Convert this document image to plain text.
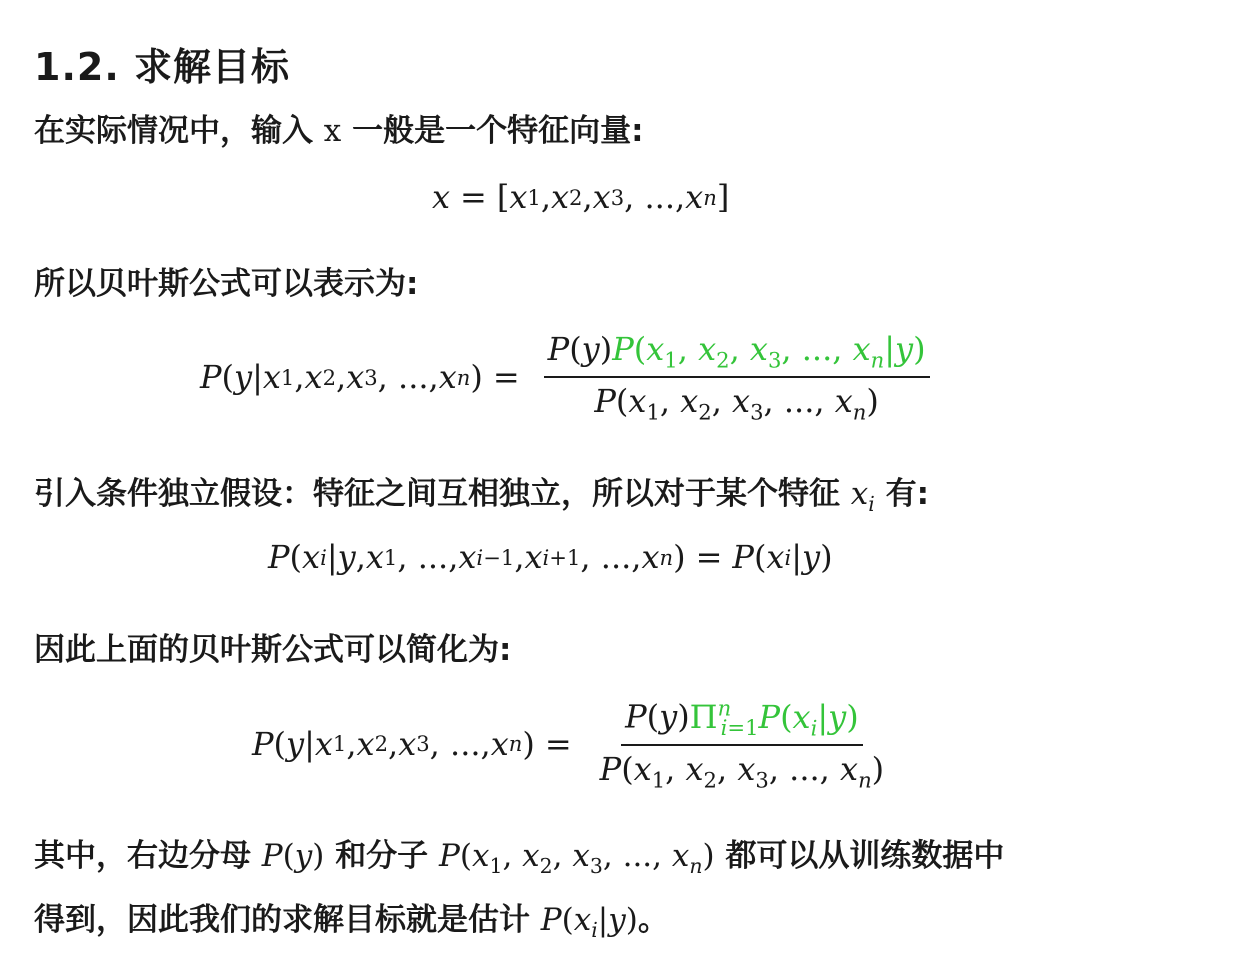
1.2. 求解目标
在实际情况中，输入 x 一般是一个特征向量:
x = [ x 1 , x 2 , x 3 , ..., x n ]
所以贝叶斯公式可以表示为:
P ( y | x 1 , x 2 , x 3 , ..., x n ) = $\frac{P(y)P(x_1, x_2, x_3, ..., x_n|y)}{P(x_1, x_2, x_3, ..., x_n)}$
引入条件独立假设：特征之间互相独立，所以对于某个特征 $x_i$ 有:
P ( x i | y , x 1 , ..., x i −1 , x i +1 , ..., x n ) = P ( x i | y )
因此上面的贝叶斯公式可以简化为:
P ( y | x 1 , x 2 , x 3 , ..., x n ) = $\frac{P(y)\Pi^n_{i=1}P(x_i|y)}{P(x_1, x_2, x_3, ..., x_n)}$
其中，右边分母 P(y) 和分子 $P(x_1$, $x_2$, $x_3$, ..., $x_n$) 都可以从训练数据中
得到，因此我们的求解目标就是估计 $P(x_i|y)$。
